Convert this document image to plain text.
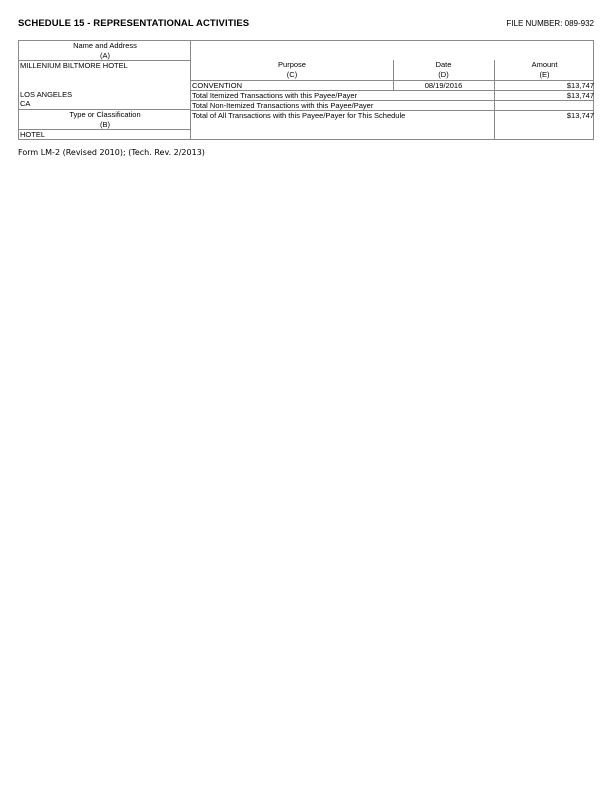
SCHEDULE 15 - REPRESENTATIONAL ACTIVITIES	FILE NUMBER: 089-932
Name and Address
(A)
MILLENIUM BILTMORE HOTEL
LOS ANGELES
CA
Type or Classification
(B)
HOTEL
Purpose
(C)
Date
(D)
Amount
(E)
CONVENTION	08/19/2016	$13,747
Total Itemized Transactions with this Payee/Payer	$13,747
Total Non-Itemized Transactions with this Payee/Payer
Total of All Transactions with this Payee/Payer for This Schedule	$13,747
Form LM-2 (Revised 2010); (Tech. Rev. 2/2013)
